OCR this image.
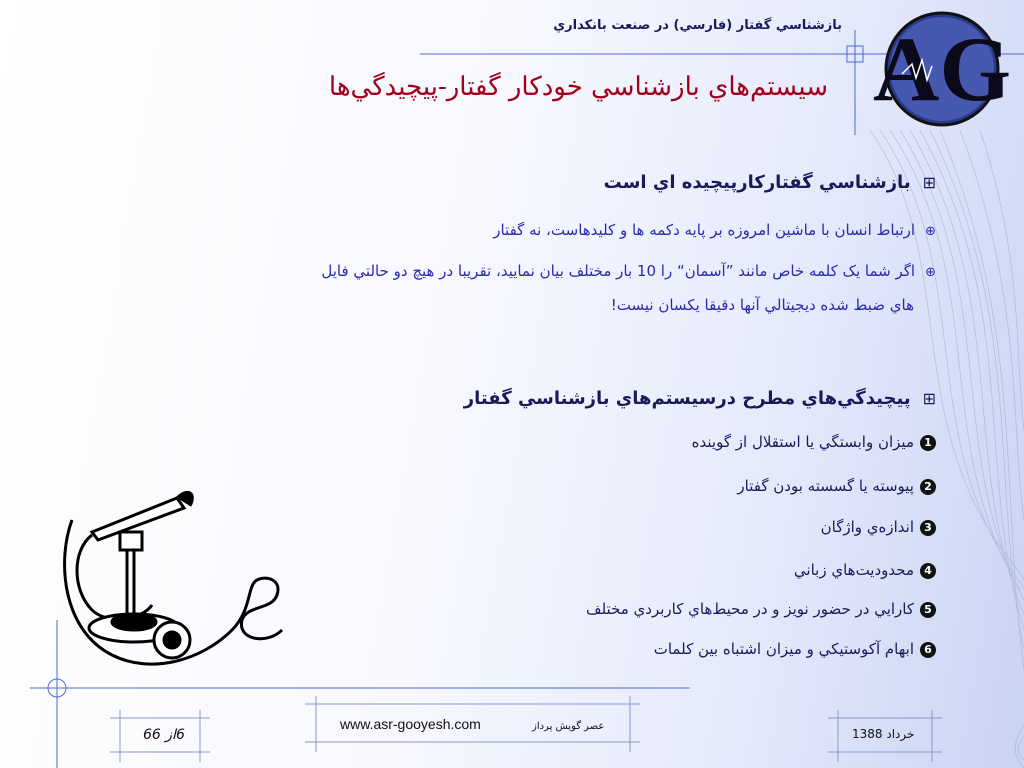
AG
بازشناسي گفتار (فارسي) در صنعت بانكداري
سيستم‌هاي بازشناسي خودكار گفتار-پيچيدگي‌ها
⊞بازشناسي گفتاركارپيچيده اي است
⊕ارتباط انسان با ماشين امروزه بر پايه دكمه ها و كليدهاست، نه گفتار
⊕اگر شما يک کلمه خاص مانند ”آسمان“ را 10 بار مختلف بيان نماييد، تقريبا در هيچ دو حالتي فايل
هاي ضبط شده ديجيتالي آنها دقيقا يكسان نيست!
⊞پيچيدگي‌هاي مطرح درسيستم‌هاي بازشناسي گفتار
1ميزان وابستگي يا استقلال از گوينده
2پيوسته يا گسسته بودن گفتار
3اندازه‌ي واژگان
4محدوديت‌هاي زباني
5كارايي در حضور نويز و در محيط‌هاي كاربردي مختلف
6ابهام آكوستيكي و ميزان اشتباه بين كلمات
www.asr-gooyesh.com	عصر گويش پرداز
6از 66	خرداد 1388
